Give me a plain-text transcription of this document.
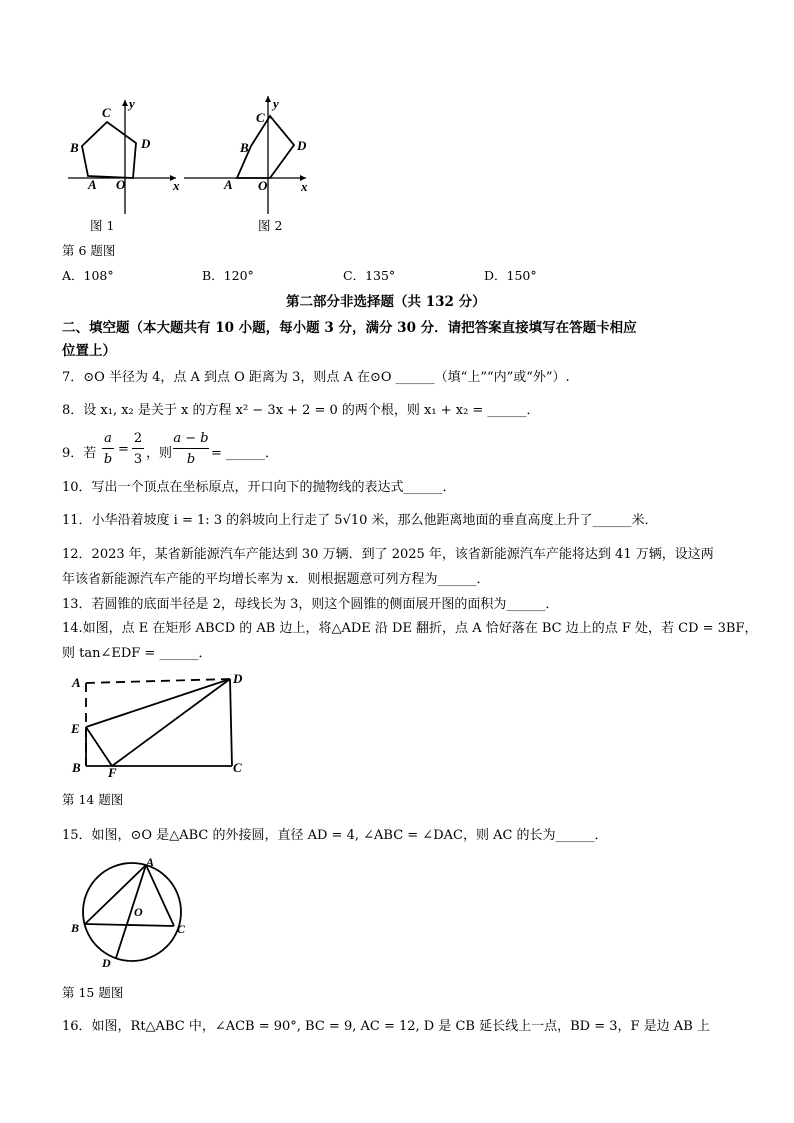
C
B	D
A O	x
y
图 1
C
B	D
A O	x
y
图 2
第 6 题图
A．108°	B．120°	C．135°	D．150°
第二部分非选择题（共 132 分）
二、填空题（本大题共有 10 小题，每小题 3 分，满分 30 分．请把答案直接填写在答题卡相应
位置上）
7．⊙O 半径为 4，点 A 到点 O 距离为 3，则点 A 在⊙O ______（填“上”“内”或“外”）.
8．设 x₁, x₂ 是关于 x 的方程 x² − 3x + 2 = 0 的两个根，则 x₁ + x₂ = ______．
9．若
a
b
=
2
3 ，则
a − b
b	= ______．
10．写出一个顶点在坐标原点，开口向下的抛物线的表达式______．
11．小华沿着坡度 i = 1: 3 的斜坡向上行走了 5√10 米，那么他距离地面的垂直高度上升了______米．
12．2023 年，某省新能源汽车产能达到 30 万辆．到了 2025 年，该省新能源汽车产能将达到 41 万辆，设这两
年该省新能源汽车产能的平均增长率为 x．则根据题意可列方程为______．
13．若圆锥的底面半径是 2，母线长为 3，则这个圆锥的侧面展开图的面积为______．
14.如图，点 E 在矩形 ABCD 的 AB 边上，将△ADE 沿 DE 翻折，点 A 恰好落在 BC 边上的点 F 处，若 CD = 3BF，
则 tan∠EDF = ______．
A	D
E
B F	C
第 14 题图
15．如图，⊙O 是△ABC 的外接圆，直径 AD = 4, ∠ABC = ∠DAC，则 AC 的长为______．
A
B	C
O
D
第 15 题图
16．如图，Rt△ABC 中，∠ACB = 90°, BC = 9, AC = 12, D 是 CB 延长线上一点，BD = 3，F 是边 AB 上
